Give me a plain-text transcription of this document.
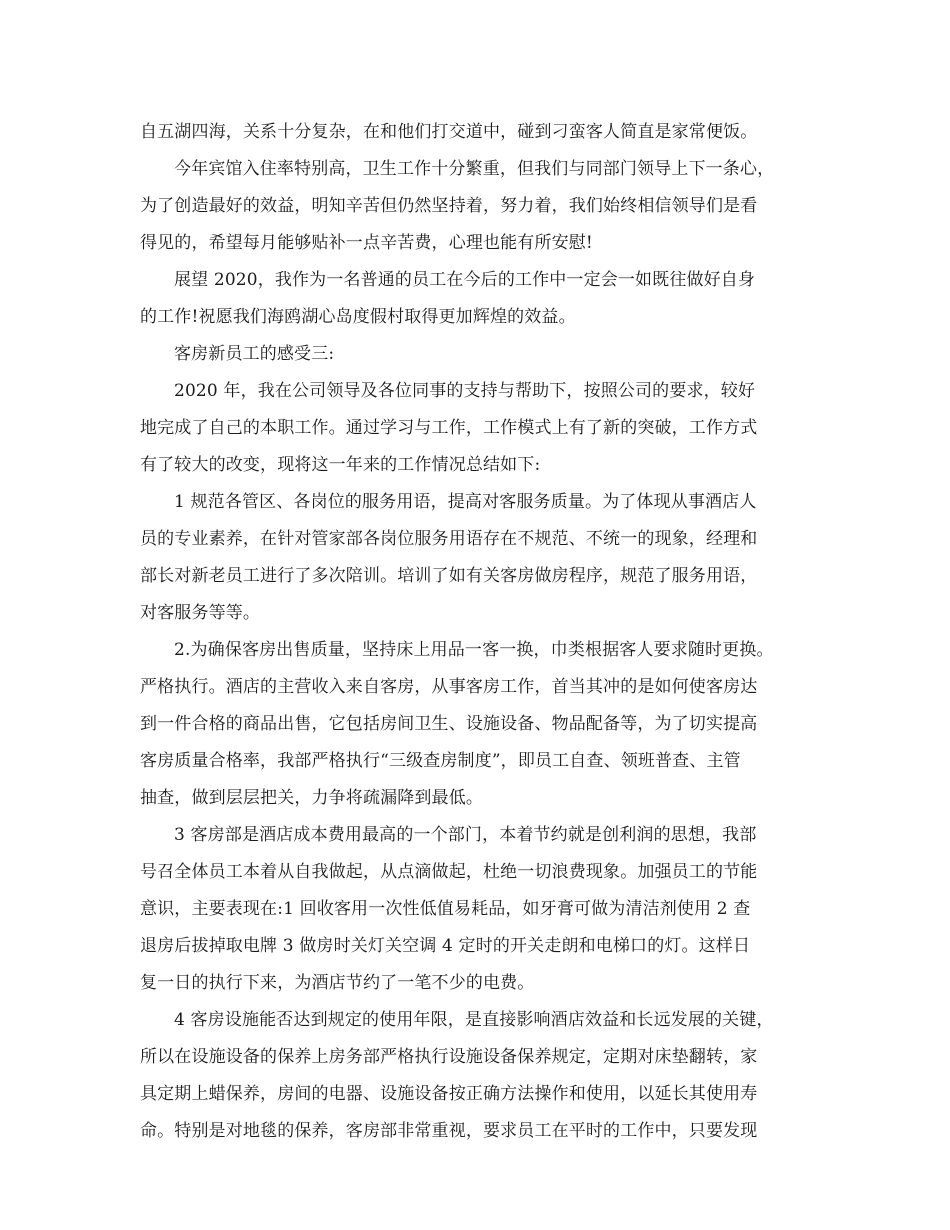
自五湖四海，关系十分复杂，在和他们打交道中，碰到刁蛮客人简直是家常便饭。
今年宾馆入住率特别高，卫生工作十分繁重，但我们与同部门领导上下一条心，
为了创造最好的效益，明知辛苦但仍然坚持着，努力着，我们始终相信领导们是看
得见的，希望每月能够贴补一点辛苦费，心理也能有所安慰!
展望 2020，我作为一名普通的员工在今后的工作中一定会一如既往做好自身
的工作!祝愿我们海鸥湖心岛度假村取得更加辉煌的效益。
客房新员工的感受三:
2020 年，我在公司领导及各位同事的支持与帮助下，按照公司的要求，较好
地完成了自己的本职工作。通过学习与工作，工作模式上有了新的突破，工作方式
有了较大的改变，现将这一年来的工作情况总结如下:
1 规范各管区、各岗位的服务用语，提高对客服务质量。为了体现从事酒店人
员的专业素养，在针对管家部各岗位服务用语存在不规范、不统一的现象，经理和
部长对新老员工进行了多次陪训。培训了如有关客房做房程序，规范了服务用语，
对客服务等等。
2.为确保客房出售质量，坚持床上用品一客一换，巾类根据客人要求随时更换。
严格执行。酒店的主营收入来自客房，从事客房工作，首当其冲的是如何使客房达
到一件合格的商品出售，它包括房间卫生、设施设备、物品配备等，为了切实提高
客房质量合格率，我部严格执行“三级查房制度”，即员工自查、领班普查、主管
抽查，做到层层把关，力争将疏漏降到最低。
3 客房部是酒店成本费用最高的一个部门，本着节约就是创利润的思想，我部
号召全体员工本着从自我做起，从点滴做起，杜绝一切浪费现象。加强员工的节能
意识，主要表现在:1 回收客用一次性低值易耗品，如牙膏可做为清洁剂使用 2 查
退房后拔掉取电牌 3 做房时关灯关空调 4 定时的开关走朗和电梯口的灯。这样日
复一日的执行下来，为酒店节约了一笔不少的电费。
4 客房设施能否达到规定的使用年限，是直接影响酒店效益和长远发展的关键，
所以在设施设备的保养上房务部严格执行设施设备保养规定，定期对床垫翻转，家
具定期上蜡保养，房间的电器、设施设备按正确方法操作和使用，以延长其使用寿
命。特别是对地毯的保养，客房部非常重视，要求员工在平时的工作中，只要发现
